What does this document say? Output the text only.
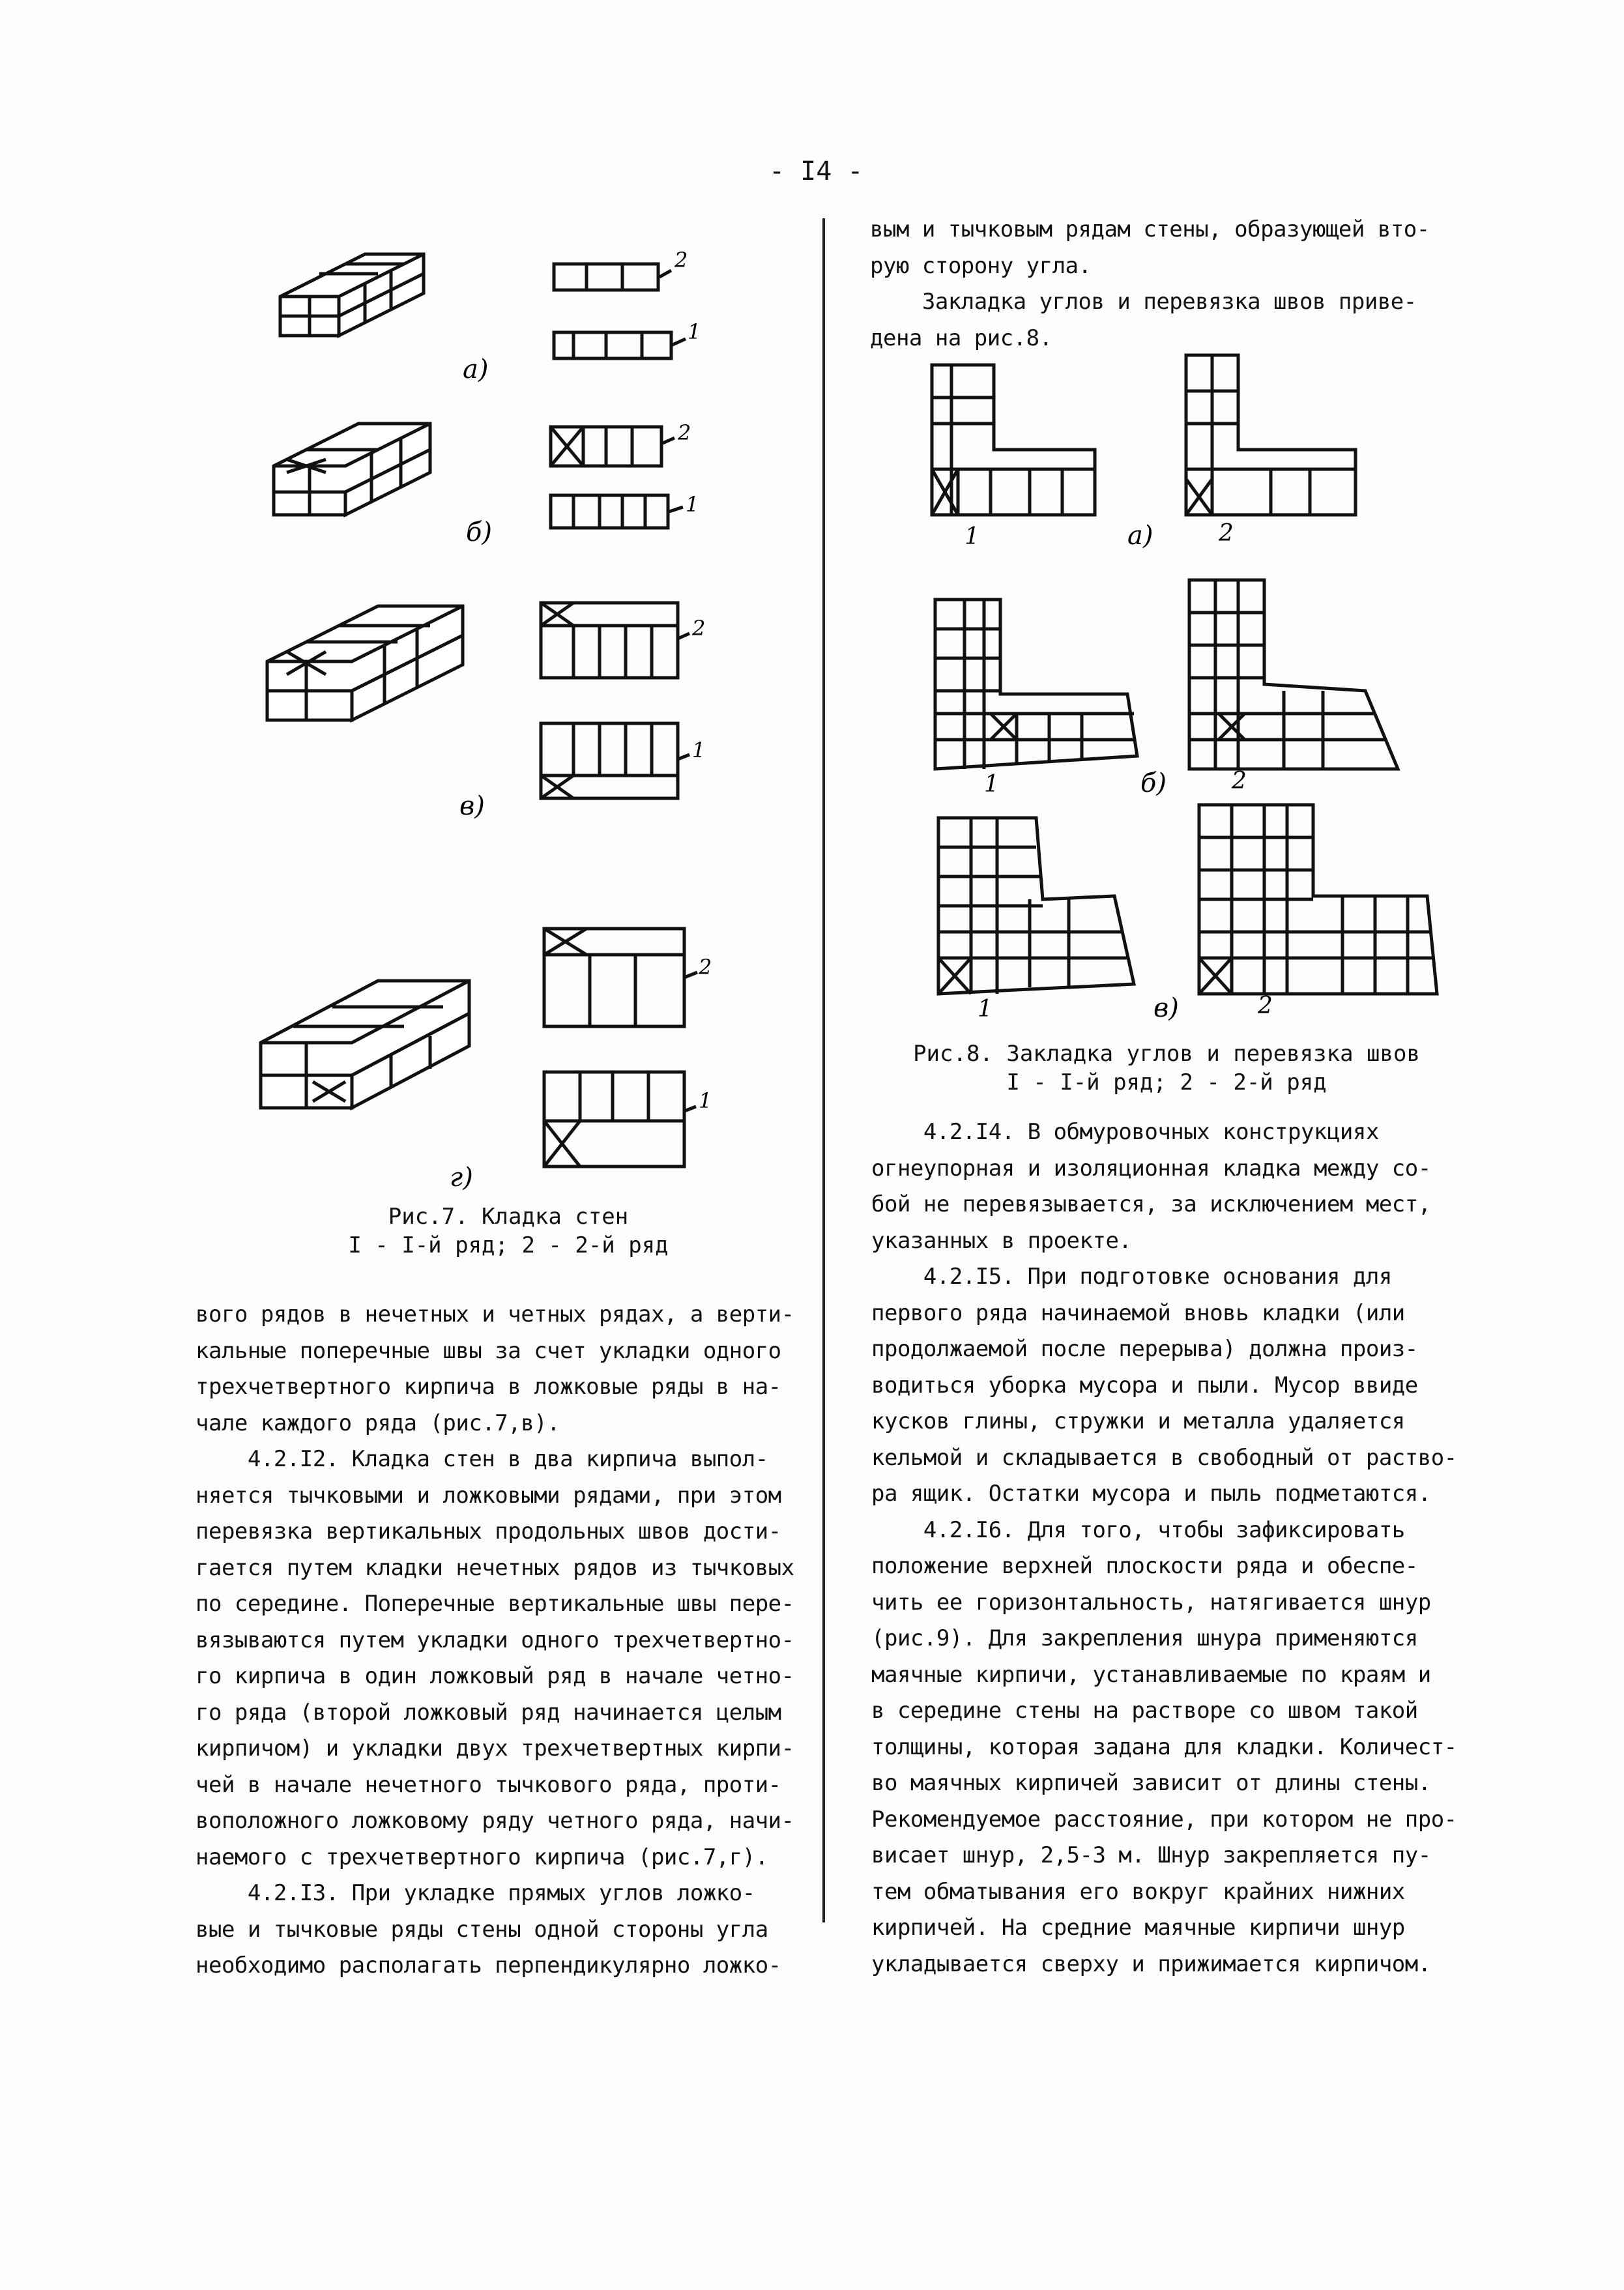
- I4 -
а)
б)
в)
г)
2
1
2
1
2
1
2
1
Рис.7. Кладка стен
I - I-й ряд; 2 - 2-й ряд
вым и тычковым рядам стены, образующей вто-
рую сторону угла.
Закладка углов и перевязка швов приве-
дена на рис.8.
а)
б)
в)
1	2
1	2
1	2
Рис.8. Закладка углов и перевязка швов
I - I-й ряд; 2 - 2-й ряд
вого рядов в нечетных и четных рядах, а верти-
кальные поперечные швы за счет укладки одного
трехчетвертного кирпича в ложковые ряды в на-
чале каждого ряда (рис.7,в).
4.2.I2. Кладка стен в два кирпича выпол-
няется тычковыми и ложковыми рядами, при этом
перевязка вертикальных продольных швов дости-
гается путем кладки нечетных рядов из тычковых
по середине. Поперечные вертикальные швы пере-
вязываются путем укладки одного трехчетвертно-
го кирпича в один ложковый ряд в начале четно-
го ряда (второй ложковый ряд начинается целым
кирпичом) и укладки двух трехчетвертных кирпи-
чей в начале нечетного тычкового ряда, проти-
воположного ложковому ряду четного ряда, начи-
наемого с трехчетвертного кирпича (рис.7,г).
4.2.I3. При укладке прямых углов ложко-
вые и тычковые ряды стены одной стороны угла
необходимо располагать перпендикулярно ложко-
4.2.I4. В обмуровочных конструкциях
огнеупорная и изоляционная кладка между со-
бой не перевязывается, за исключением мест,
указанных в проекте.
4.2.I5. При подготовке основания для
первого ряда начинаемой вновь кладки (или
продолжаемой после перерыва) должна произ-
водиться уборка мусора и пыли. Мусор ввиде
кусков глины, стружки и металла удаляется
кельмой и складывается в свободный от раство-
ра ящик. Остатки мусора и пыль подметаются.
4.2.I6. Для того, чтобы зафиксировать
положение верхней плоскости ряда и обеспе-
чить ее горизонтальность, натягивается шнур
(рис.9). Для закрепления шнура применяются
маячные кирпичи, устанавливаемые по краям и
в середине стены на растворе со швом такой
толщины, которая задана для кладки. Количест-
во маячных кирпичей зависит от длины стены.
Рекомендуемое расстояние, при котором не про-
висает шнур, 2,5-3 м. Шнур закрепляется пу-
тем обматывания его вокруг крайних нижних
кирпичей. На средние маячные кирпичи шнур
укладывается сверху и прижимается кирпичом.
